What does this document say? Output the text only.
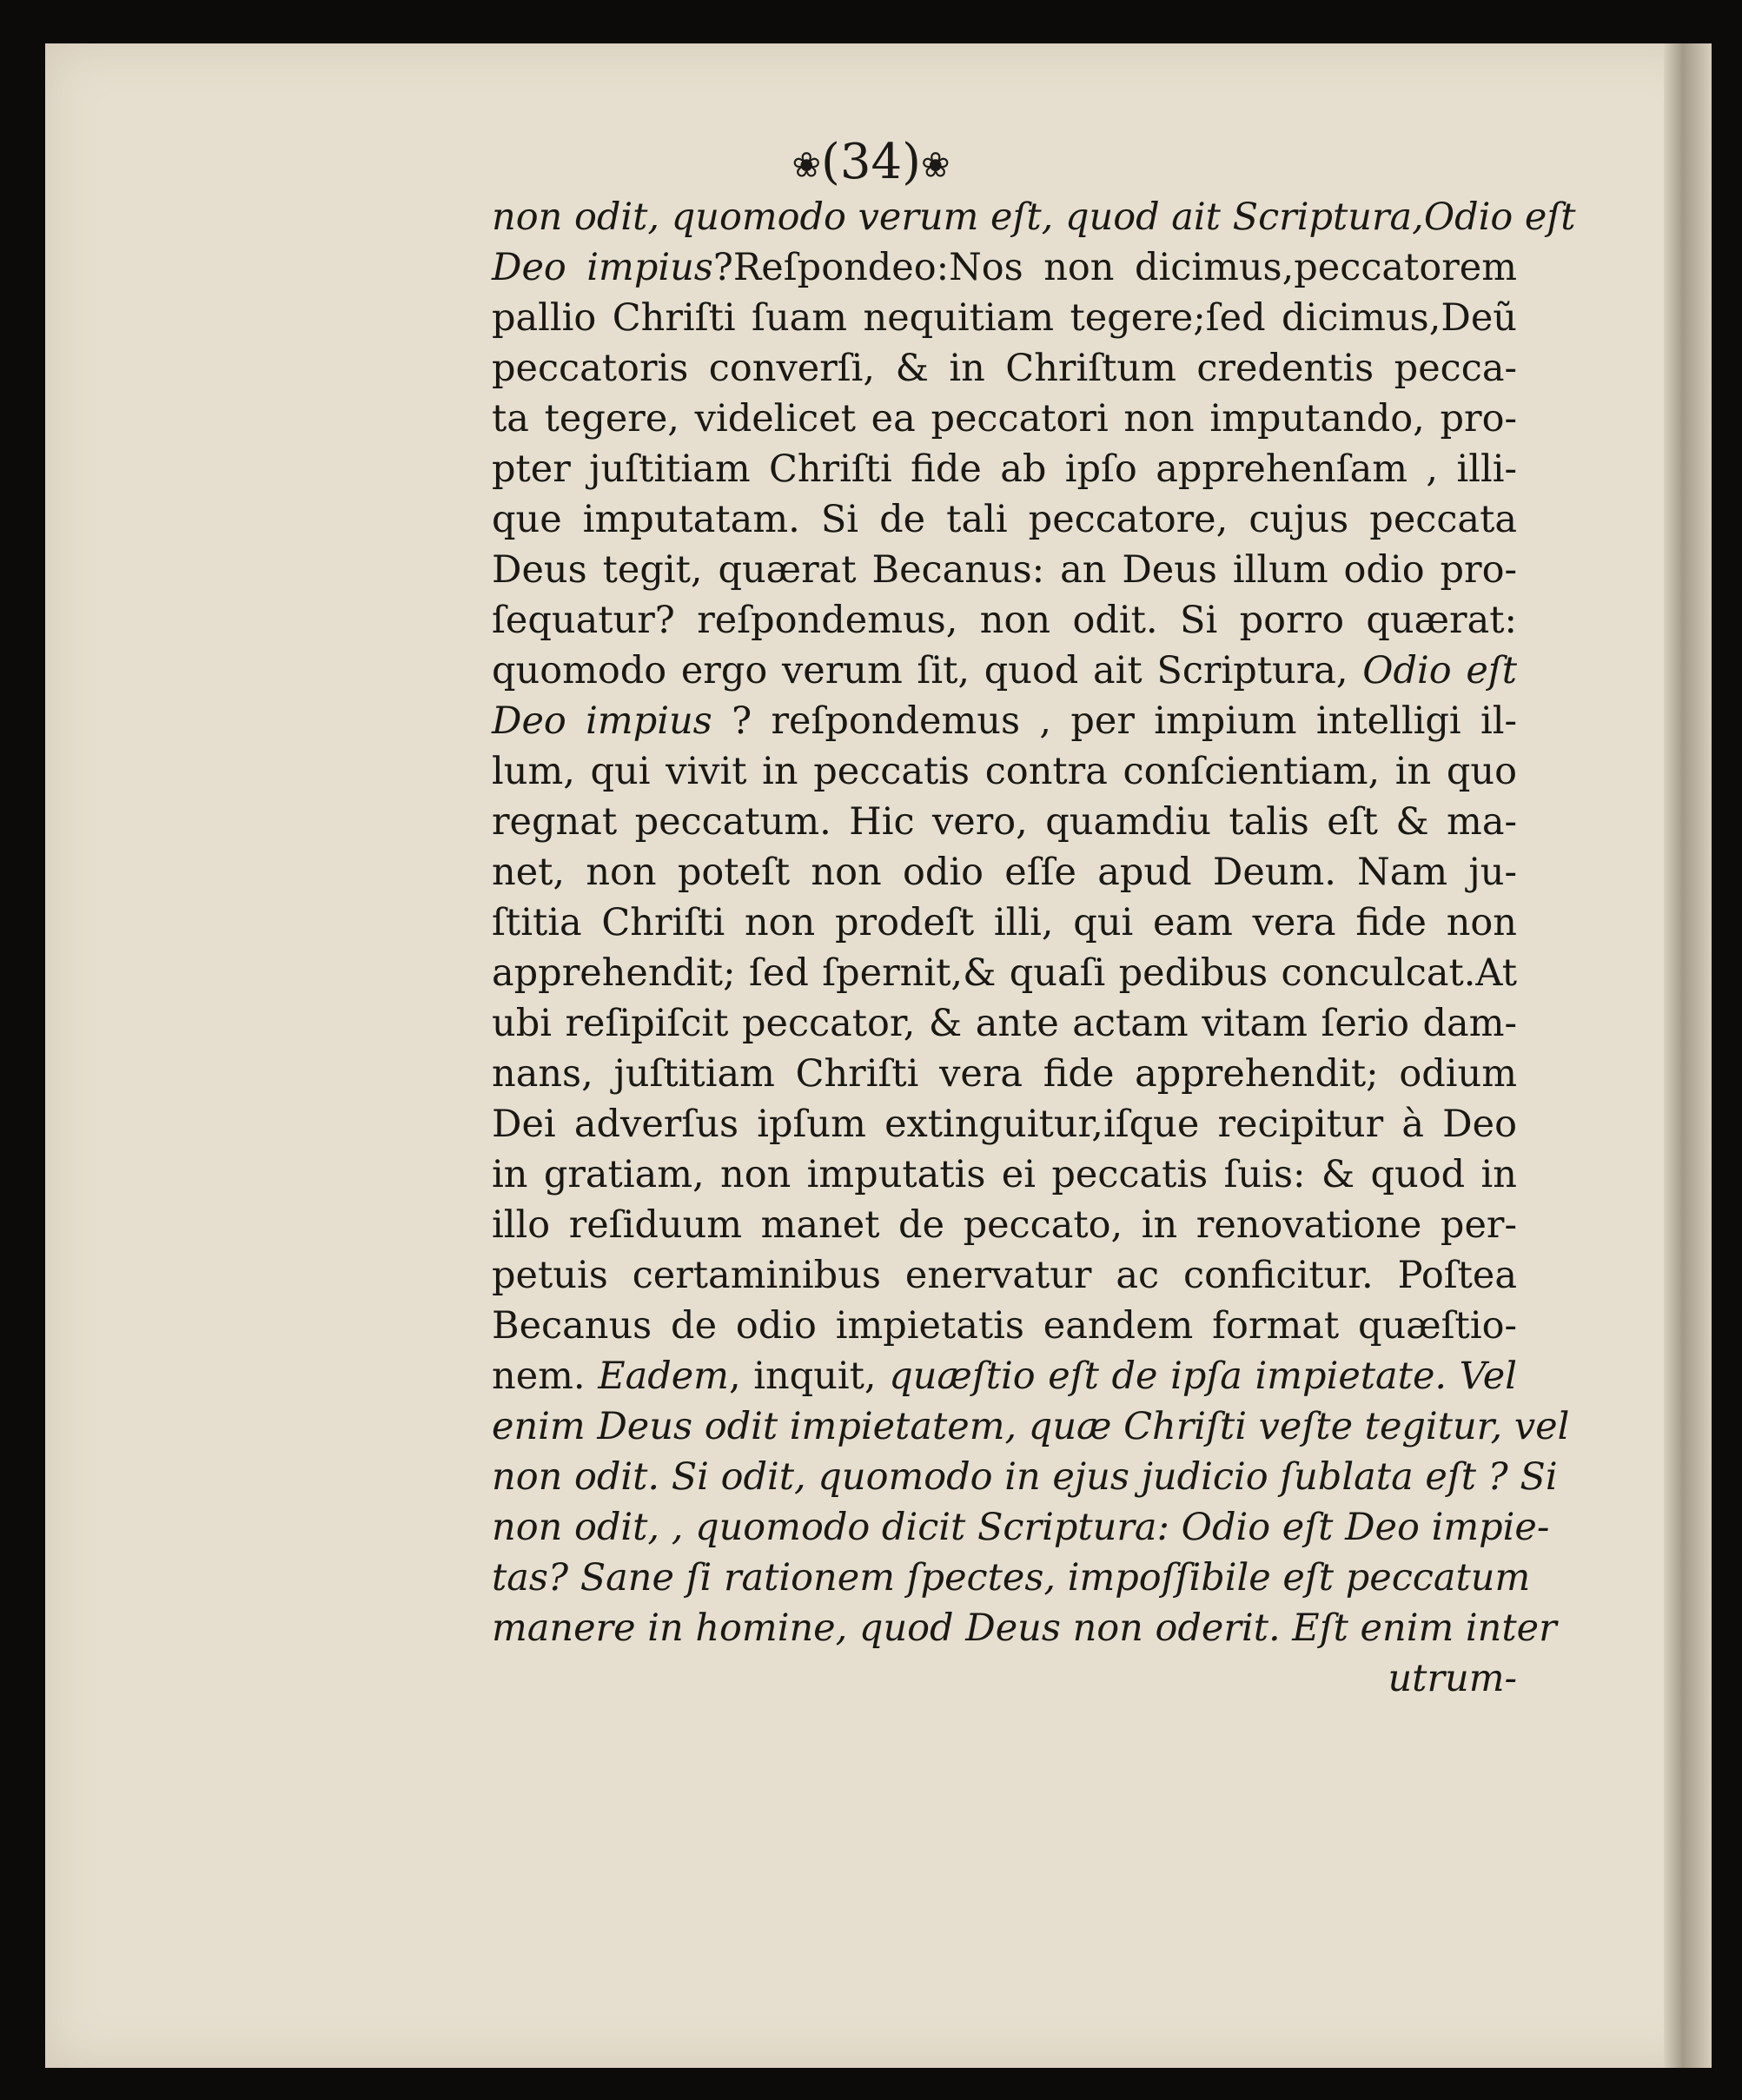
❀(34)❀
non odit, quomodo verum eſt, quod ait Scriptura,Odio eſt
Deo impius?Reſpondeo:Nos non dicimus,peccatorem
pallio Chriſti ſuam nequitiam tegere;ſed dicimus,Deũ
peccatoris converſi, & in Chriſtum credentis pecca-
ta tegere, videlicet ea peccatori non imputando, pro-
pter juſtitiam Chriſti fide ab ipſo apprehenſam , illi-
que imputatam. Si de tali peccatore, cujus peccata
Deus tegit, quærat Becanus: an Deus illum odio pro-
ſequatur? reſpondemus, non odit. Si porro quærat:
quomodo ergo verum ſit, quod ait Scriptura, Odio eſt
Deo impius ? reſpondemus , per impium intelligi il-
lum, qui vivit in peccatis contra conſcientiam, in quo
regnat peccatum. Hic vero, quamdiu talis eſt & ma-
net, non poteſt non odio eſſe apud Deum. Nam ju-
ſtitia Chriſti non prodeſt illi, qui eam vera fide non
apprehendit; ſed ſpernit,& quaſi pedibus conculcat.At
ubi reſipiſcit peccator, & ante actam vitam ſerio dam-
nans, juſtitiam Chriſti vera fide apprehendit; odium
Dei adverſus ipſum extinguitur,iſque recipitur à Deo
in gratiam, non imputatis ei peccatis ſuis: & quod in
illo reſiduum manet de peccato, in renovatione per-
petuis certaminibus enervatur ac conficitur. Poſtea
Becanus de odio impietatis eandem format quæſtio-
nem. Eadem, inquit, quæſtio eſt de ipſa impietate. Vel
enim Deus odit impietatem, quæ Chriſti veſte tegitur, vel
non odit. Si odit, quomodo in ejus judicio ſublata eſt ? Si
non odit, , quomodo dicit Scriptura: Odio eſt Deo impie-
tas? Sane ſi rationem ſpectes, impoſſibile eſt peccatum
manere in homine, quod Deus non oderit. Eſt enim inter
utrum-
